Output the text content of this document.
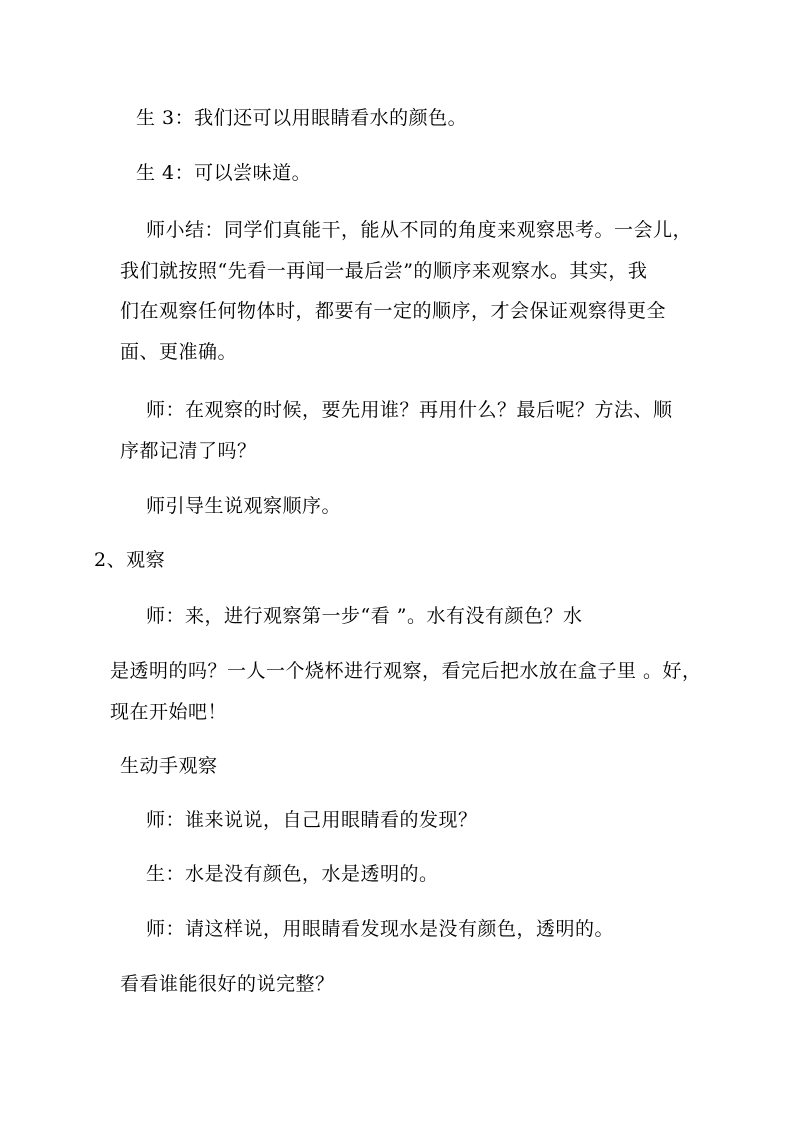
生 3：我们还可以用眼睛看水的颜色。
生 4：可以尝味道。
师小结：同学们真能干，能从不同的角度来观察思考。一会儿，
我们就按照“先看一再闻一最后尝”的顺序来观察水。其实，我
们在观察任何物体时，都要有一定的顺序，才会保证观察得更全
面、更准确。
师：在观察的时候，要先用谁？再用什么？最后呢？方法、顺
序都记清了吗？
师引导生说观察顺序。
2、观察
师：来，进行观察第一步“看 ”。水有没有颜色？水
是透明的吗？一人一个烧杯进行观察，看完后把水放在盒子里 。好，
现在开始吧！
生动手观察
师：谁来说说，自己用眼睛看的发现？
生：水是没有颜色，水是透明的。
师：请这样说，用眼睛看发现水是没有颜色，透明的。
看看谁能很好的说完整？
